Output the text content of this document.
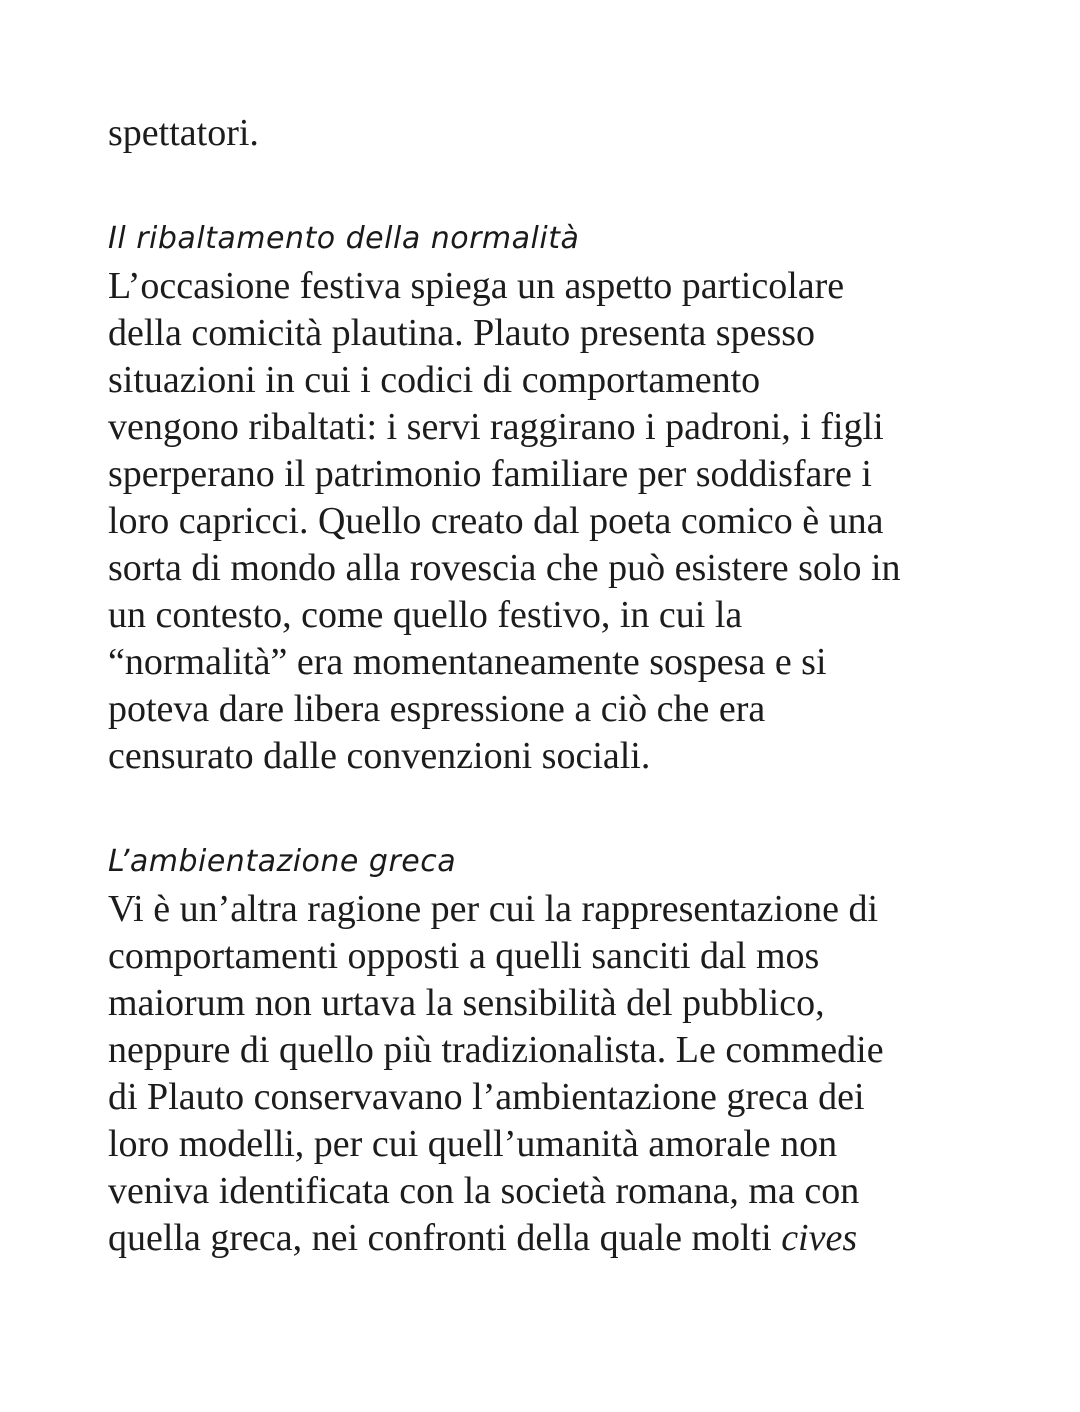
spettatori.
Il ribaltamento della normalità
L’occasione festiva spiega un aspetto particolare
della comicità plautina. Plauto presenta spesso
situazioni in cui i codici di comportamento
vengono ribaltati: i servi raggirano i padroni, i figli
sperperano il patrimonio familiare per soddisfare i
loro capricci. Quello creato dal poeta comico è una
sorta di mondo alla rovescia che può esistere solo in
un contesto, come quello festivo, in cui la
“normalità” era momentaneamente sospesa e si
poteva dare libera espressione a ciò che era
censurato dalle convenzioni sociali.
L’ambientazione greca
Vi è un’altra ragione per cui la rappresentazione di
comportamenti opposti a quelli sanciti dal mos
maiorum non urtava la sensibilità del pubblico,
neppure di quello più tradizionalista. Le commedie
di Plauto conservavano l’ambientazione greca dei
loro modelli, per cui quell’umanità amorale non
veniva identificata con la società romana, ma con
quella greca, nei confronti della quale molti cives
